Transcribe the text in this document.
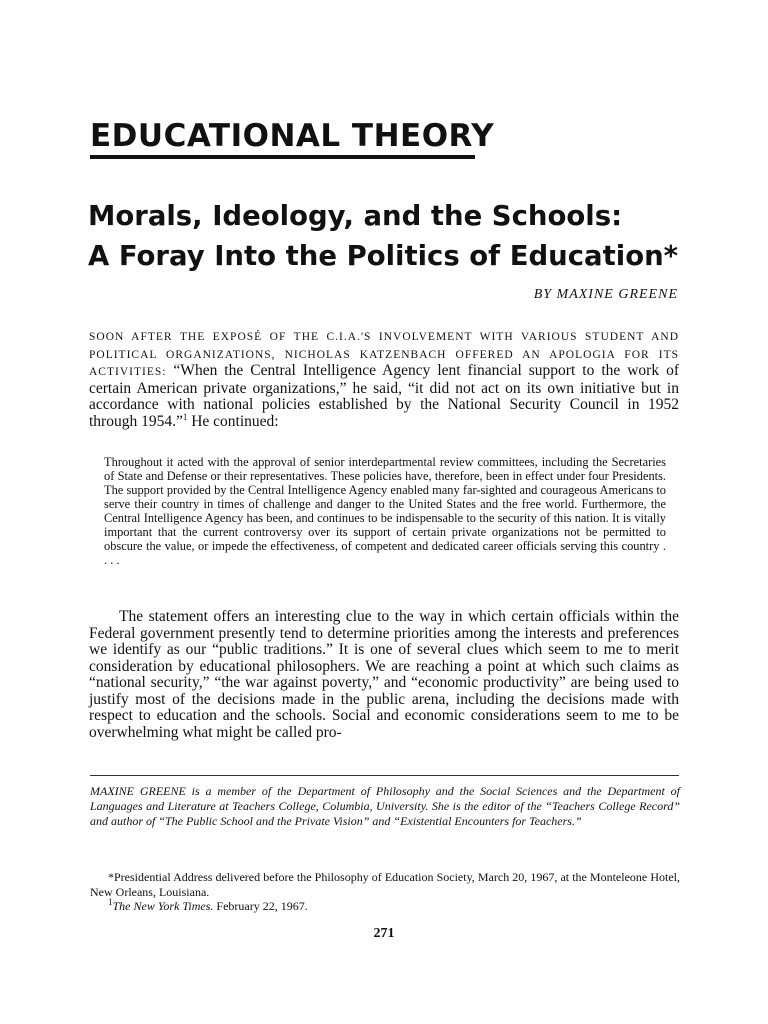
EDUCATIONAL THEORY
Morals, Ideology, and the Schools:
A Foray Into the Politics of Education*
BY MAXINE GREENE

SOON AFTER THE EXPOSÉ OF THE C.I.A.'S INVOLVEMENT WITH VARIOUS STUDENT AND POLITICAL ORGANIZATIONS, NICHOLAS KATZENBACH OFFERED AN APOLOGIA FOR ITS ACTIVITIES: “When the Central Intelligence Agency lent financial support to the work of certain American private organizations,” he said, “it did not act on its own initiative but in accordance with national policies established by the National Security Council in 1952 through 1954.”$^1$ He continued:

Throughout it acted with the approval of senior interdepartmental review committees, including the Secretaries of State and Defense or their representatives. These policies have, therefore, been in effect under four Presidents. The support provided by the Central Intelligence Agency enabled many far-sighted and courageous Americans to serve their country in times of challenge and danger to the United States and the free world. Furthermore, the Central Intelligence Agency has been, and continues to be indispensable to the security of this nation. It is vitally important that the current controversy over its support of certain private organizations not be permitted to obscure the value, or impede the effectiveness, of competent and dedicated career officials serving this country . . . .

The statement offers an interesting clue to the way in which certain officials within the Federal government presently tend to determine priorities among the interests and preferences we identify as our “public traditions.” It is one of several clues which seem to me to merit consideration by educational philosophers. We are reaching a point at which such claims as “national security,” “the war against poverty,” and “economic productivity” are being used to justify most of the decisions made in the public arena, including the decisions made with respect to education and the schools. Social and economic considerations seem to me to be overwhelming what might be called pro-

MAXINE GREENE is a member of the Department of Philosophy and the Social Sciences and the Department of Languages and Literature at Teachers College, Columbia, University. She is the editor of the “Teachers College Record” and author of “The Public School and the Private Vision” and “Existential Encounters for Teachers.”

*Presidential Address delivered before the Philosophy of Education Society, March 20, 1967, at the Monteleone Hotel, New Orleans, Louisiana.

$^1$The New York Times. February 22, 1967.

271
